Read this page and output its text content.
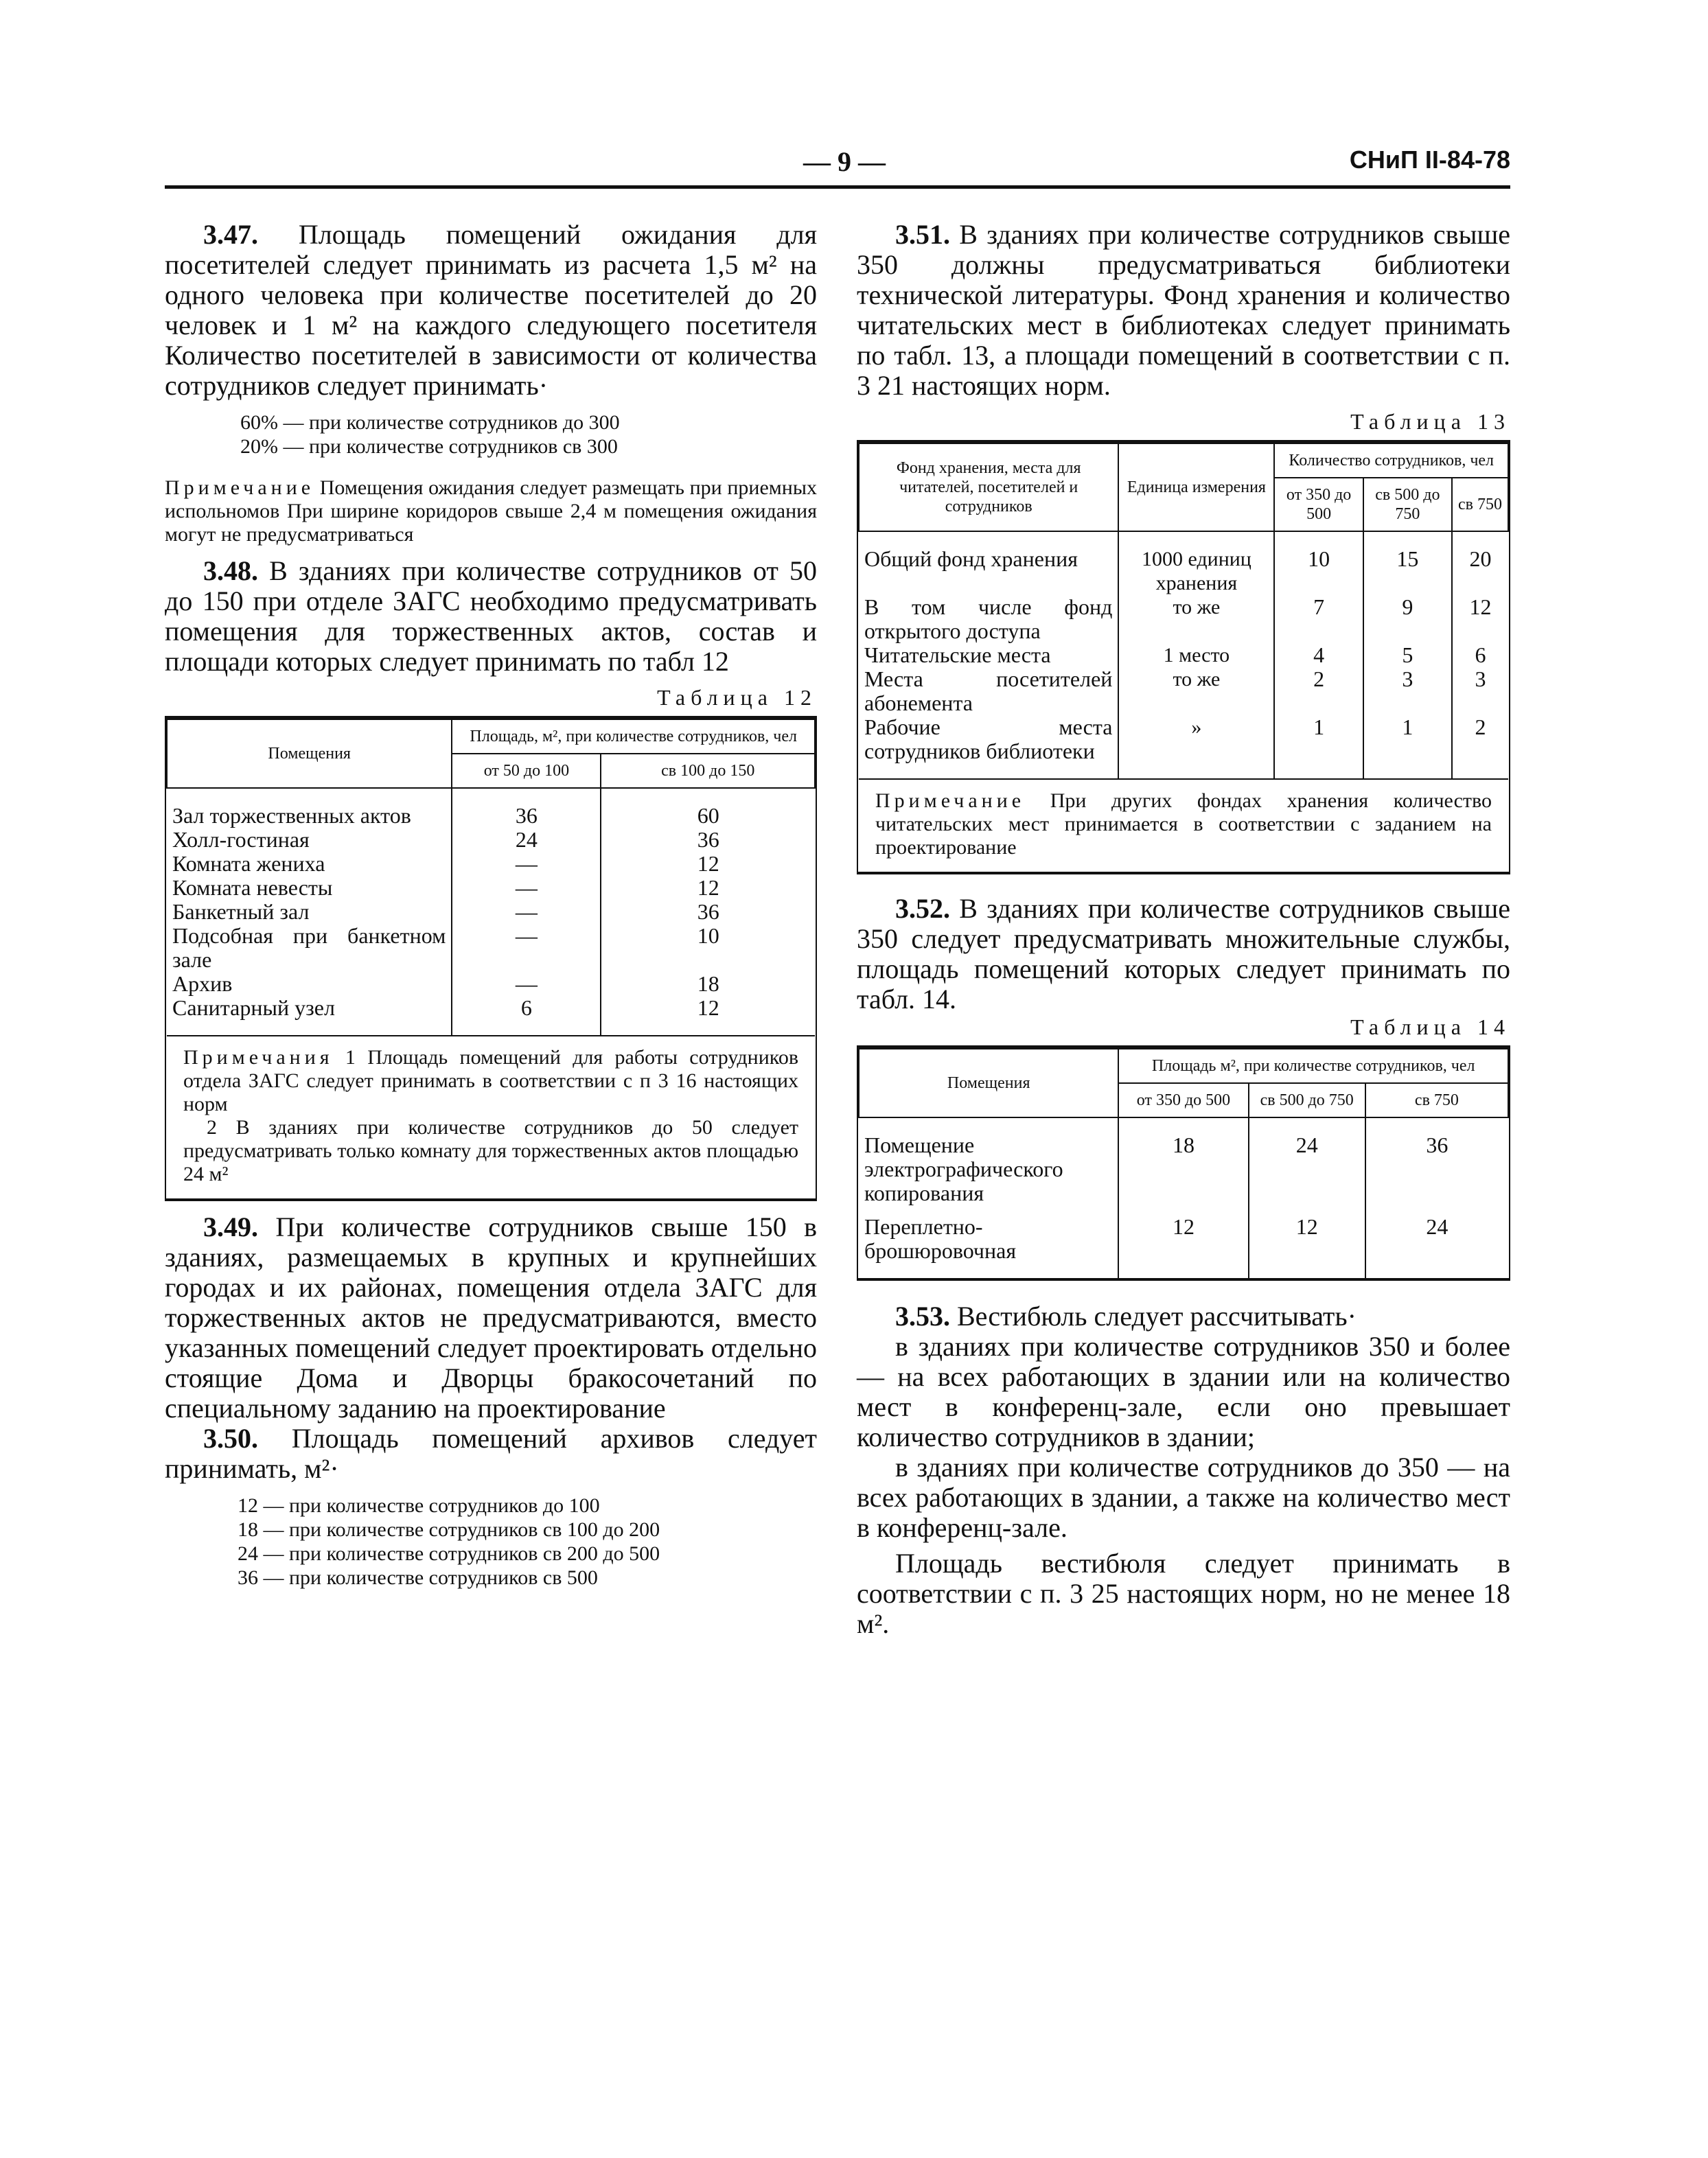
— 9 —	СНиП II-84-78

3.47. Площадь помещений ожидания для посетителей следует принимать из расчета 1,5 м² на одного человека при количестве посетителей до 20 человек и 1 м² на каждого следующего посетителя Количество посетителей в зависимости от количества сотрудников следует принимать·

60% — при количестве сотрудников до 300
20% — при количестве сотрудников св 300

Примечание Помещения ожидания следует размещать при приемных испольномов При ширине коридоров свыше 2,4 м помещения ожидания могут не предусматриваться

3.48. В зданиях при количестве сотрудников от 50 до 150 при отделе ЗАГС необходимо предусматривать помещения для торжественных актов, состав и площади которых следует принимать по табл 12

Таблица 12
Помещения	Площадь, м², при количестве сотрудников, чел	
	от 50 до 100	св 100 до 150
Зал торжественных актов	36	60
Холл-гостиная	24	36
Комната жениха	—	12
Комната невесты	—	12
Банкетный зал	—	36
Подсобная при банкетном зале	—	10
Архив	—	18
Санитарный узел	6	12

Примечания 1 Площадь помещений для работы сотрудников отдела ЗАГС следует принимать в соответствии с п 3 16 настоящих норм
2 В зданиях при количестве сотрудников до 50 следует предусматривать только комнату для торжественных актов площадью 24 м²		

3.49. При количестве сотрудников свыше 150 в зданиях, размещаемых в крупных и крупнейших городах и их районах, помещения отдела ЗАГС для торжественных актов не предусматриваются, вместо указанных помещений следует проектировать отдельно стоящие Дома и Дворцы бракосочетаний по специальному заданию на проектирование

3.50. Площадь помещений архивов следует принимать, м²·

12 — при количестве сотрудников до 100
18 — при количестве сотрудников св 100 до 200
24 — при количестве сотрудников св 200 до 500
36 — при количестве сотрудников св 500

3.51. В зданиях при количестве сотрудников свыше 350 должны предусматриваться библиотеки технической литературы. Фонд хранения и количество читательских мест в библиотеках следует принимать по табл. 13, а площади помещений в соответствии с п. 3 21 настоящих норм.

Таблица 13
Фонд хранения, места для читателей, посетителей и сотрудников	Единица измерения	Количество сотрудников, чел		
		от 350 до 500	св 500 до 750	св 750
Общий фонд хранения	1000 единиц хранения	10	15	20
В том числе фонд открытого доступа	то же	7	9	12
Читательские места	1 место	4	5	6
Места посетителей абонемента	то же	2	3	3
Рабочие места сотрудников библиотеки	»	1	1	2
Примечание При других фондах хранения количество читательских мест принимается в соответствии с заданием на проектирование				

3.52. В зданиях при количестве сотрудников свыше 350 следует предусматривать множительные службы, площадь помещений которых следует принимать по табл. 14.

Таблица 14
Помещения	Площадь м², при количестве сотрудников, чел		
	от 350 до 500	св 500 до 750	св 750
Помещение электрографического копирования	18	24	36
Переплетно-брошюровочная	12	12	24

3.53. Вестибюль следует рассчитывать·

в зданиях при количестве сотрудников 350 и более — на всех работающих в здании или на количество мест в конференц-зале, если оно превышает количество сотрудников в здании;

в зданиях при количестве сотрудников до 350 — на всех работающих в здании, а также на количество мест в конференц-зале.

Площадь вестибюля следует принимать в соответствии с п. 3 25 настоящих норм, но не менее 18 м².
